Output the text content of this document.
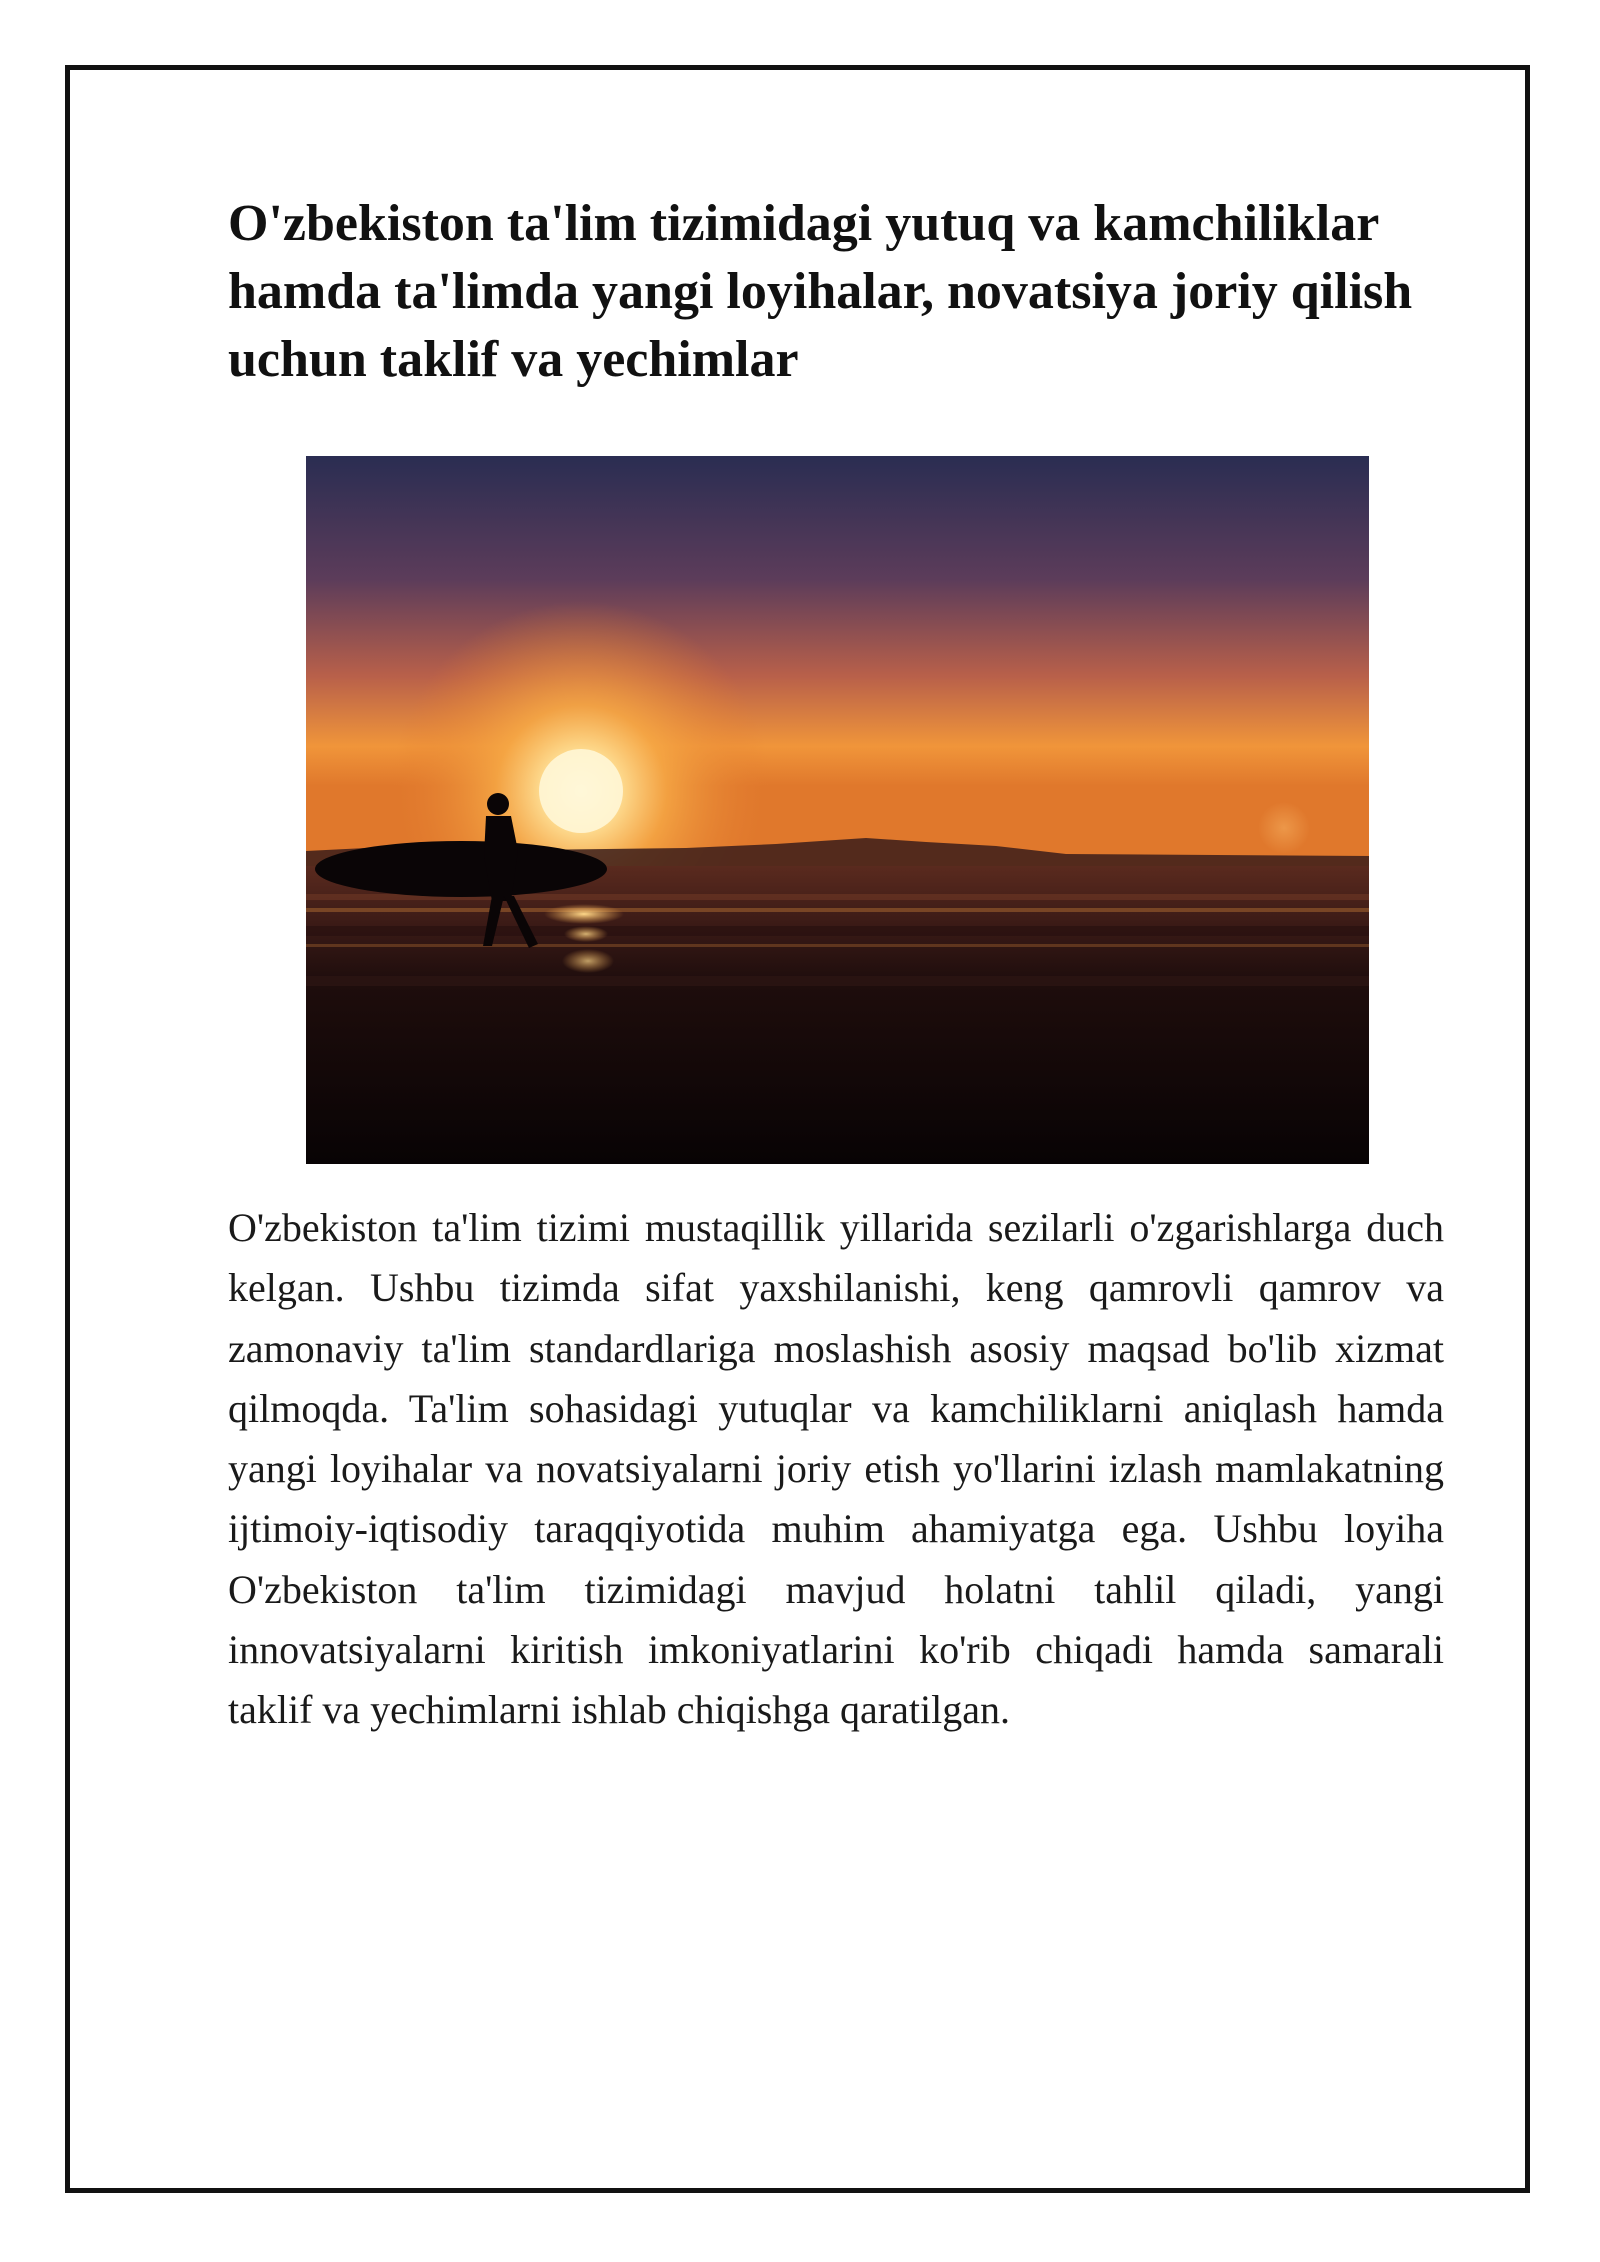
O'zbekiston ta'lim tizimidagi yutuq va kamchiliklar hamda ta'limda yangi loyihalar, novatsiya joriy qilish uchun taklif va yechimlar

O'zbekiston ta'lim tizimi mustaqillik yillarida sezilarli o'zgarishlarga duch kelgan. Ushbu tizimda sifat yaxshilanishi, keng qamrovli qamrov va zamonaviy ta'lim standardlariga moslashish asosiy maqsad bo'lib xizmat qilmoqda. Ta'lim sohasidagi yutuqlar va kamchiliklarni aniqlash hamda yangi loyihalar va novatsiyalarni joriy etish yo'llarini izlash mamlakatning ijtimoiy-iqtisodiy taraqqiyotida muhim ahamiyatga ega. Ushbu loyiha O'zbekiston ta'lim tizimidagi mavjud holatni tahlil qiladi, yangi innovatsiyalarni kiritish imkoniyatlarini ko'rib chiqadi hamda samarali taklif va yechimlarni ishlab chiqishga qaratilgan.
